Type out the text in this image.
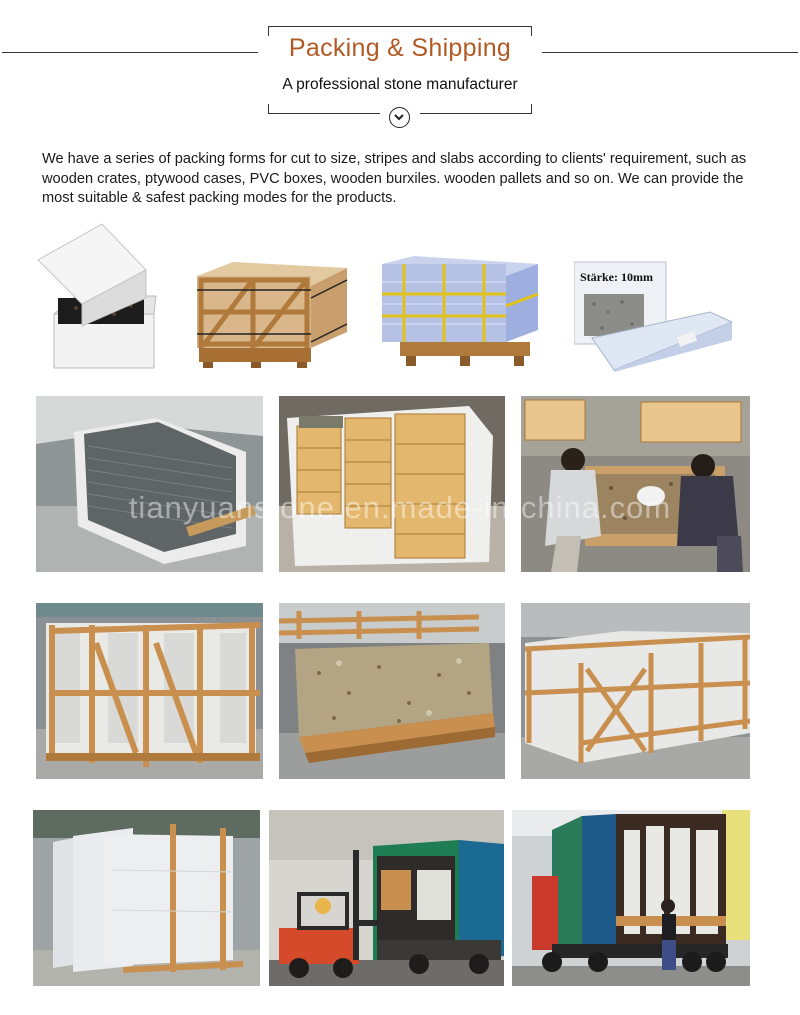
Packing & Shipping
A professional stone manufacturer
We have a series of packing forms for cut to size, stripes and slabs according to clients' requirement, such as wooden crates, ptywood cases, PVC boxes, wooden burxiles. wooden pallets and so on. We can provide the most suitable & safest packing modes for the products.
Stärke: 10mm
tianyuanstone.en.made-in-china.com
